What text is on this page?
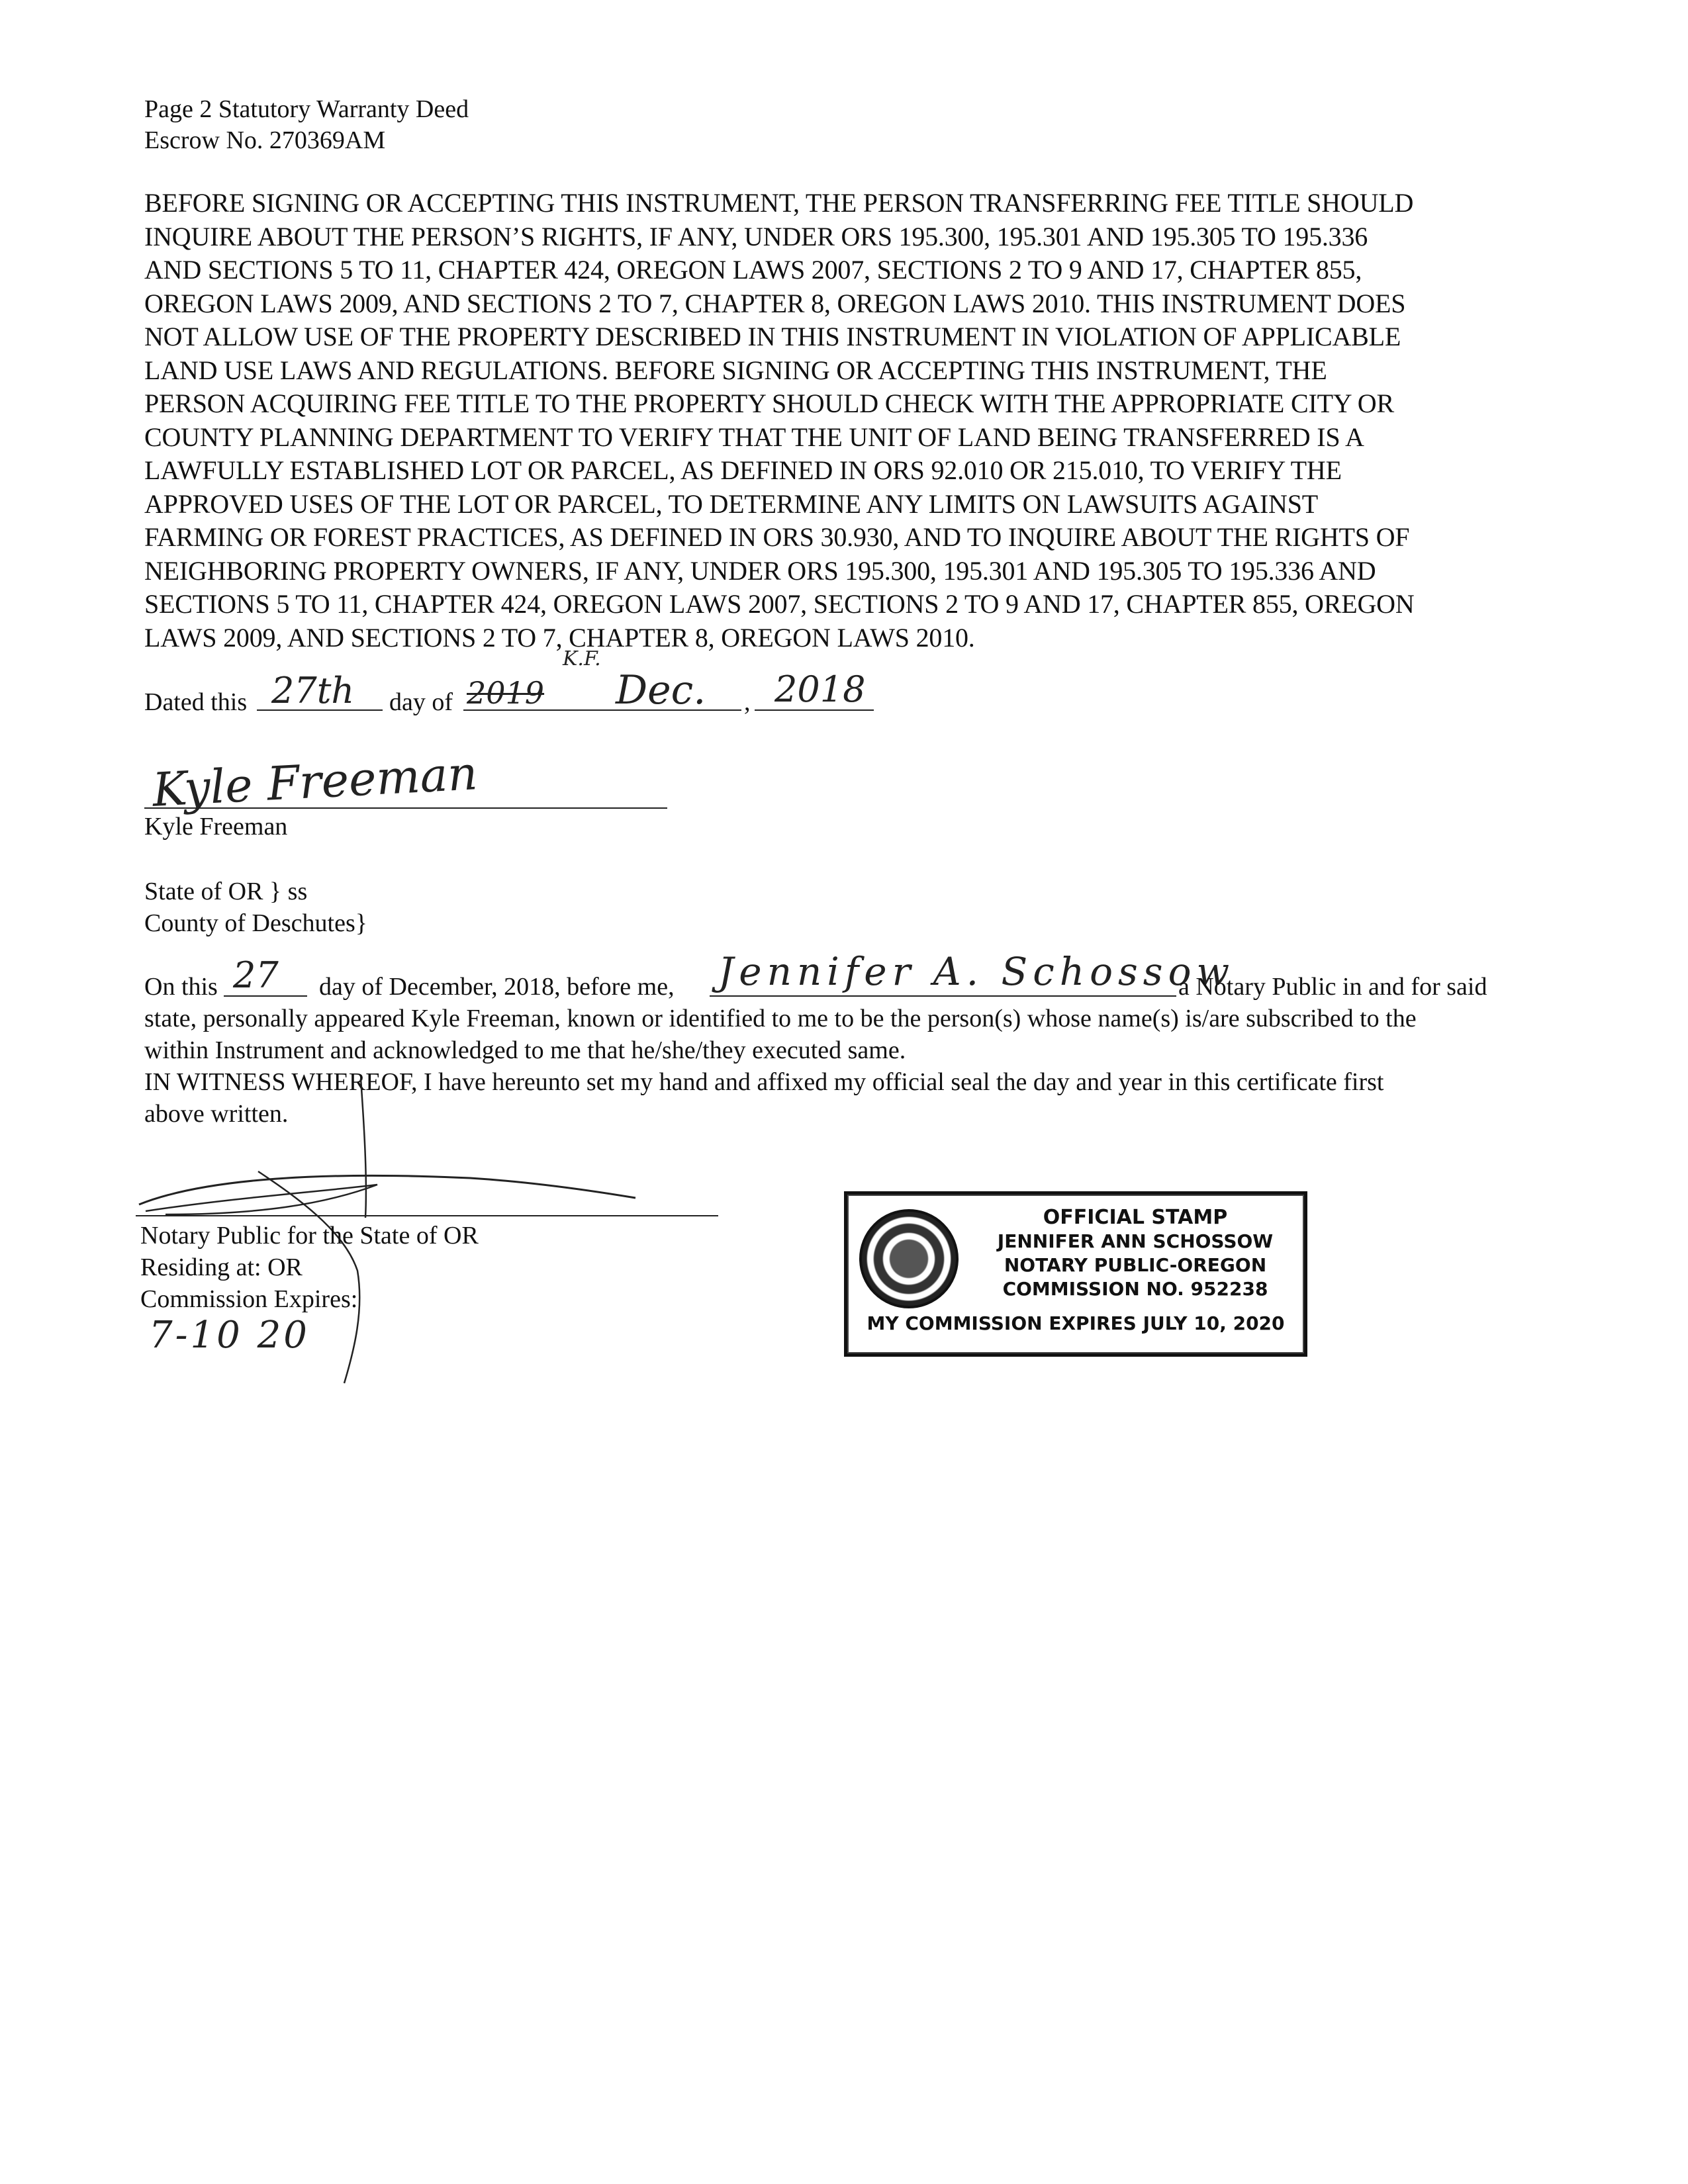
Page 2 Statutory Warranty Deed
Escrow No. 270369AM
BEFORE SIGNING OR ACCEPTING THIS INSTRUMENT, THE PERSON TRANSFERRING FEE TITLE SHOULD
INQUIRE ABOUT THE PERSON’S RIGHTS, IF ANY, UNDER ORS 195.300, 195.301 AND 195.305 TO 195.336
AND SECTIONS 5 TO 11, CHAPTER 424, OREGON LAWS 2007, SECTIONS 2 TO 9 AND 17, CHAPTER 855,
OREGON LAWS 2009, AND SECTIONS 2 TO 7, CHAPTER 8, OREGON LAWS 2010. THIS INSTRUMENT DOES
NOT ALLOW USE OF THE PROPERTY DESCRIBED IN THIS INSTRUMENT IN VIOLATION OF APPLICABLE
LAND USE LAWS AND REGULATIONS. BEFORE SIGNING OR ACCEPTING THIS INSTRUMENT, THE
PERSON ACQUIRING FEE TITLE TO THE PROPERTY SHOULD CHECK WITH THE APPROPRIATE CITY OR
COUNTY PLANNING DEPARTMENT TO VERIFY THAT THE UNIT OF LAND BEING TRANSFERRED IS A
LAWFULLY ESTABLISHED LOT OR PARCEL, AS DEFINED IN ORS 92.010 OR 215.010, TO VERIFY THE
APPROVED USES OF THE LOT OR PARCEL, TO DETERMINE ANY LIMITS ON LAWSUITS AGAINST
FARMING OR FOREST PRACTICES, AS DEFINED IN ORS 30.930, AND TO INQUIRE ABOUT THE RIGHTS OF
NEIGHBORING PROPERTY OWNERS, IF ANY, UNDER ORS 195.300, 195.301 AND 195.305 TO 195.336 AND
SECTIONS 5 TO 11, CHAPTER 424, OREGON LAWS 2007, SECTIONS 2 TO 9 AND 17, CHAPTER 855, OREGON
LAWS 2009, AND SECTIONS 2 TO 7, CHAPTER 8, OREGON LAWS 2010.
Dated this 27th day of 2019
K.F.
Dec. , 2018
Kyle Freeman
Kyle Freeman
State of OR } ss
County of Deschutes}
On this 27 day of December, 2018, before me, Jennifer A. Schossow
a Notary Public in and for said
state, personally appeared Kyle Freeman, known or identified to me to be the person(s) whose name(s) is/are subscribed to the
within Instrument and acknowledged to me that he/she/they executed same.
IN WITNESS WHEREOF, I have hereunto set my hand and affixed my official seal the day and year in this certificate first
above written.
Notary Public for the State of OR
Residing at: OR
Commission Expires:
7-10 20
OFFICIAL STAMP
JENNIFER ANN SCHOSSOW
NOTARY PUBLIC-OREGON
COMMISSION NO. 952238
MY COMMISSION EXPIRES JULY 10, 2020
